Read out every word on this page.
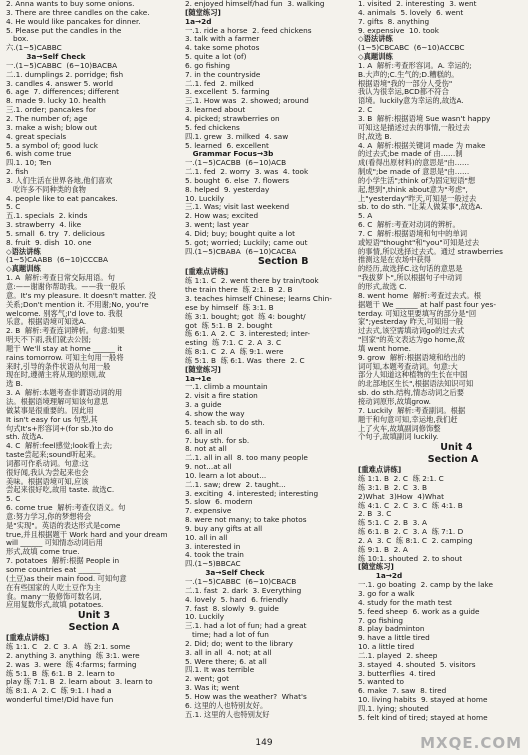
2. Anna wants to buy some onions.
3. There are three candles on the cake.
4. He would like pancakes for dinner.
5. Please put the candles in the
box.
六.(1~5)CABBC
3a→Self Check
一.(1~5)CABBC  (6~10)BACBA
二.1. dumplings 2. porridge; fish
3. candles 4. answer 5. world
6. age  7. differences; different
8. made 9. lucky 10. health
三.1. order; pancakes for
2. The number of; age
3. make a wish; blow out
4. great specials
5. a symbol of; good luck
6. wish come true
四.1. 10; Ten
2. fish
3. 人们生活在世界各地,他们喜欢
吃许多不同种类的食物
4. people like to eat pancakes.
5. C
五.1. specials  2. kinds
3. strawberry  4. like
5. small  6. try  7. delicious
8. fruit  9. dish  10. one
◇语法讲练
(1~5)CAABB  (6~10)CCCBA
◇真题训练
1. A  解析:考查日常交际用语。句
意:——谢谢你帮助我。——我一般乐
意。It's my pleasure. It doesn't matter. 没
关系;Don't mention it. 不用谢;No, you're
welcome. 别客气;I'd love to. 我很
乐意。根据语境可知选A.
2. B  解析:考查连词辨析。句意:如果
明天不下雨,我们就去公园;
题干 We'll stay at home ______ it
rains tomorrow. 可知主句用一般将
来时,引导的条件状语从句用一般
现在时,遵循主将从现的原则,故
选 B.
3. A  解析:本题考查非谓语动词的用
法。根据语境理解可知该句意思
做某事是很重要的。因此用
It isn't easy for us 句型,其
句式It's+形容词+(for sb.)to do
sth. 故选A.
4. C  解析:feel感觉;look看上去;
taste尝起来;sound听起来。
词都可作系动词。句意:这
很好闻,我认为尝起来也会
美味。根据语境可知,应该
尝起来很好吃,故用 taste. 故选C.
5. C
6. come true  解析:考查仅语义。句
意:努力学习,你的梦想将会
是"实现"。英语的表达形式是come
true,并且根据题干 Work hard and your dream
will ______ 可知情态动词后用
形式,故填 come true.
7. potatoes  解析:根据 People in
some countries eat ______
(土豆)as their main food. 可知句意
在有些国家的人吃土豆作为主
食。many一般修饰可数名词,
应用复数形式,故填 potatoes.
Unit 3
Section A
[重难点讲练]
练 1:1. C   2. C  3. A   练 2:1. some
2. anything 3. anything  练 3:1. were
2. was  3. were  练 4:farms; farming
练 5:1. B  练 6:1. B  2. learn to
play 练 7:1. B  2. learn about  3. learn to
练 8:1. A  2. C  练 9:1. I had a
wonderful time!/Did have fun
2. enjoyed himself/had fun  3. walking
[随堂练习]
1a→2d
一.1. ride a horse  2. feed chickens
3. talk with a farmer
4. take some photos
5. quite a lot (of)
6. go fishing
7. in the countryside
二.1. fed  2. milked
3. excellent  5. farming
三.1. How was  2. showed; around
3. learned about
4. picked; strawberries on
5. fed chickens
四.1. grew  3. milked  4. saw
5. learned  6. excellent
Grammar Focus→3b
一.(1~5)CACBB  (6~10)ACB
二.1. fed  2. worry  3. was  4. took
5. bought  6. else  7. flowers
8. helped  9. yesterday
10. Luckily
三.1. Was; visit last weekend
2. How was; excited
3. went; last year
4. Did; buy; bought quite a lot
5. got; worried; Luckily; came out
四.(1~5)CBABA  (6~10)CACBA
Section B
[重难点讲练]
练 1:1. C  2. went there by train/took
the train there  练 2:1. B  2. B
3. teaches himself Chinese; learns Chin-
ese by himself  练 3:1. B
练 3:1. bought; got  练 4: bought/
got  练 5:1. B  2. bought
练 6:1. A  2. C  3. interested; inter-
esting  练 7:1. C  2. A  3. C
练 8:1. C  2. A  练 9:1. were
练 5:1. B  练 6:1. Was  there  2. C
[随堂练习]
1a→1e
一.1. climb a mountain
2. visit a fire station
3. a guide
4. show the way
5. teach sb. to do sth.
6. all in all
7. buy sth. for sb.
8. not at all
二.1. all in all  8. too many people
9. not...at all
10. learn a lot about...
二.1. saw; drew  2. taught...
3. exciting  4. interested; interesting
5. slow  6. modern
7. expensive
8. were not many; to take photos
9. buy any gifts at all
10. all in all
3. interested in
4. took the train
四.(1~5)BBCAC
3a→Self Check
一.(1~5)CABBC  (6~10)CBACB
二.1. fast  2. dark  3. Everything
4. lovely  5. hard  6. friendly
7. fast  8. slowly  9. guide
10. Luckily
三.1. had a lot of fun; had a great
time; had a lot of fun
2. Did; do; went to the library
3. all in all  4. not; at all
5. Were there; 6. at all
四.1. It was terrible
2. went; got
3. Was it; went
5. How was the weather?  What's
6. 这里的人也特别友好。
五.1. 这里的人也特别友好
1. visited  2. interesting  3. went
4. animals  5. lovely  6. went
7. gifts  8. anything
9. expensive  10. took
◇语法讲练
(1~5)CBCABC  (6~10)ACCBC
◇真题训练
1. A  解析:考查形容词。A. 幸运的;
B.大声的;C.生气的;D.糟糕的。
根据语境"我的一部分人受伤"
我认为很幸运,BCD都不符合
语境。luckily意为幸运的,故选A.
2. C
3. B  解析:根据语境 Sue wasn't happy
可知这是描述过去的事情,一般过去
时,故选 B.
4. A  解析:根据关键词 made 为 make
的过去式;be made of 由……制
成(看得出原材料)的意思是"由……
制成";be made of 意思是"由……
的小学生活";think of为固定短语"想
起,想到",think about意为"考虑",
上"yesterday"昨天,可知是一般过去
sb. to do sth. "让某人做某事",故选A.
5. A
6. C  解析:考查对动词的辨析。
7. C  解析:根据语境和句中的单词
或短语"thought"和"you"可知是过去
的事情,所以选择过去式。通过 strawberries
推测这是在农场中获得
的经历,故选择C.这句话的意思是
"我拔萝卜",所以根据句子中动词
的形式,故选 C.
8. went home  解析:考查过去式。根
据题干 We ______ at half past four yes-
terday. 可知这里要填写的部分是"回
家";yesterday 昨天,可知用一般
过去式,该空需填动词go的过去式
"回家"的英文表达为go home,故
填 went home.
9. grow  解析:根据语境和给出的
词可知,本题考查动词。句意:大
部分人知道这种植物的生长在中国
的北部地区生长",根据语法知识可知
sb. do sth.结构,情态动词之后要
接动词原形,故填grow.
7. Luckily  解析:考查副词。根据
题干和句意可知,幸运地,我们赶
上了火车,故填副词修饰整
个句子,故填副词 luckily.
Unit 4
Section A
[重难点讲练]
练 1:1. B  2. C  练 2:1. C
练 3:1. B  2. C  3. B
2)What  3)How  4)What
练 4:1. C  2. C  3. C  练 4:1. B
2. B  3. C
练 5:1. C  2. B  3. A
练 6:1. B  2. C  3. A  练 7:1. D
2. A  3. C  练 8:1. C  2. camping
练 9:1. B  2. A
练 10:1. shouted  2. to shout
[随堂练习]
1a→2d
一.1. go boating  2. camp by the lake
3. go for a walk
4. study for the math test
5. feed sheep  6. work as a guide
7. go fishing
8. play badminton
9. have a little tired
10. a little tired
二.1. played  2. sheep
3. stayed  4. shouted  5. visitors
3. butterflies  4. tired
5. wanted to
6. make  7. saw  8. tired
10. living habits  9. stayed at home
四.1. lying; shouted
5. felt kind of tired; stayed at home
149	MXQE.COM
